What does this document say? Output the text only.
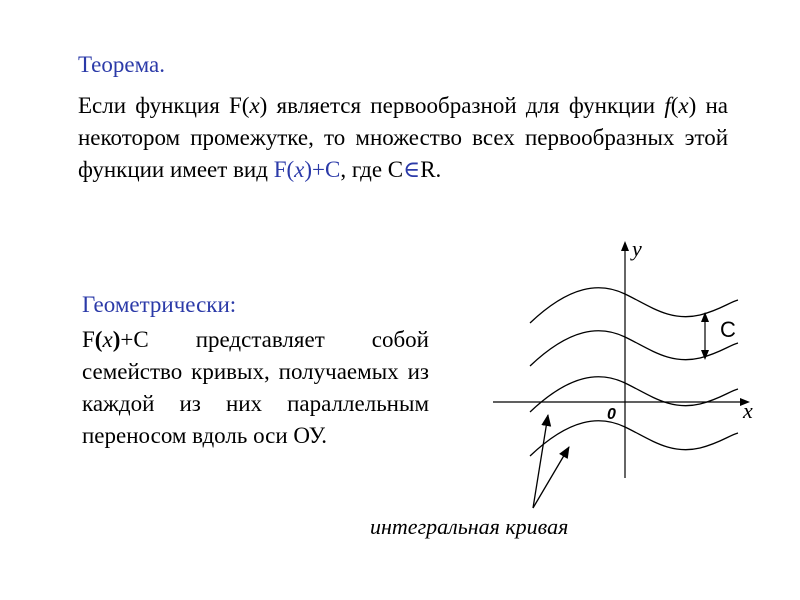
Теорема.
Если функция F(x) является первообразной для функции f(x) на некотором промежутке, то множество всех первообразных этой функции имеет вид F(x)+C, где C∈R.
Геометрически:
F(x)+C представляет собой семейство кривых, получаемых из каждой из них параллельным переносом вдоль оси ОУ.
y
x
0
C
интегральная кривая
